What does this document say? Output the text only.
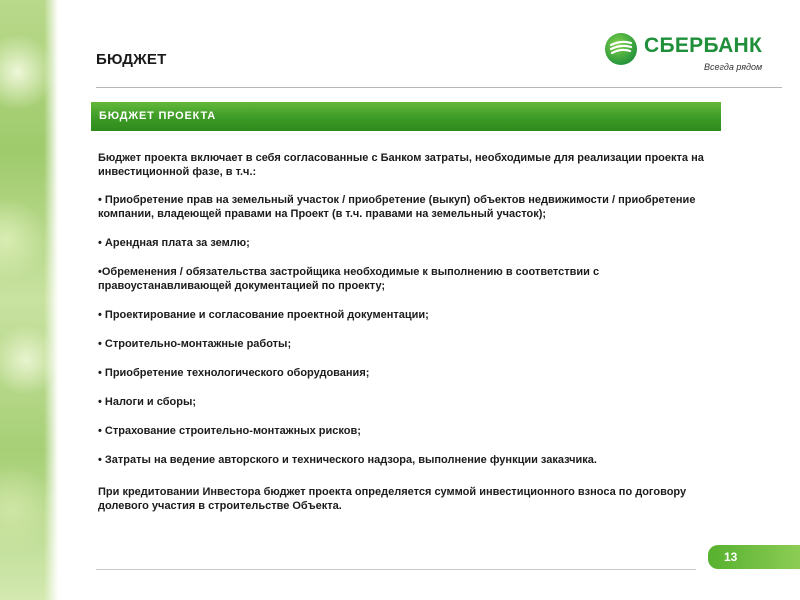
БЮДЖЕТ
СБЕРБАНК
Всегда рядом
БЮДЖЕТ ПРОЕКТА

Бюджет проекта включает в себя согласованные с Банком затраты, необходимые для реализации проекта на инвестиционной фазе, в т.ч.:

• Приобретение прав на земельный участок / приобретение (выкуп) объектов недвижимости / приобретение компании, владеющей правами на Проект (в т.ч. правами на земельный участок);

• Арендная плата за землю;

•Обременения / обязательства застройщика необходимые к выполнению в соответствии с правоустанавливающей документацией по проекту;

• Проектирование и согласование проектной документации;

• Строительно-монтажные работы;

• Приобретение технологического оборудования;

• Налоги и сборы;

• Страхование строительно-монтажных рисков;

• Затраты на ведение авторского и технического надзора, выполнение функции заказчика.

При кредитовании Инвестора бюджет проекта определяется суммой инвестиционного взноса по договору долевого участия в строительстве Объекта.

13
